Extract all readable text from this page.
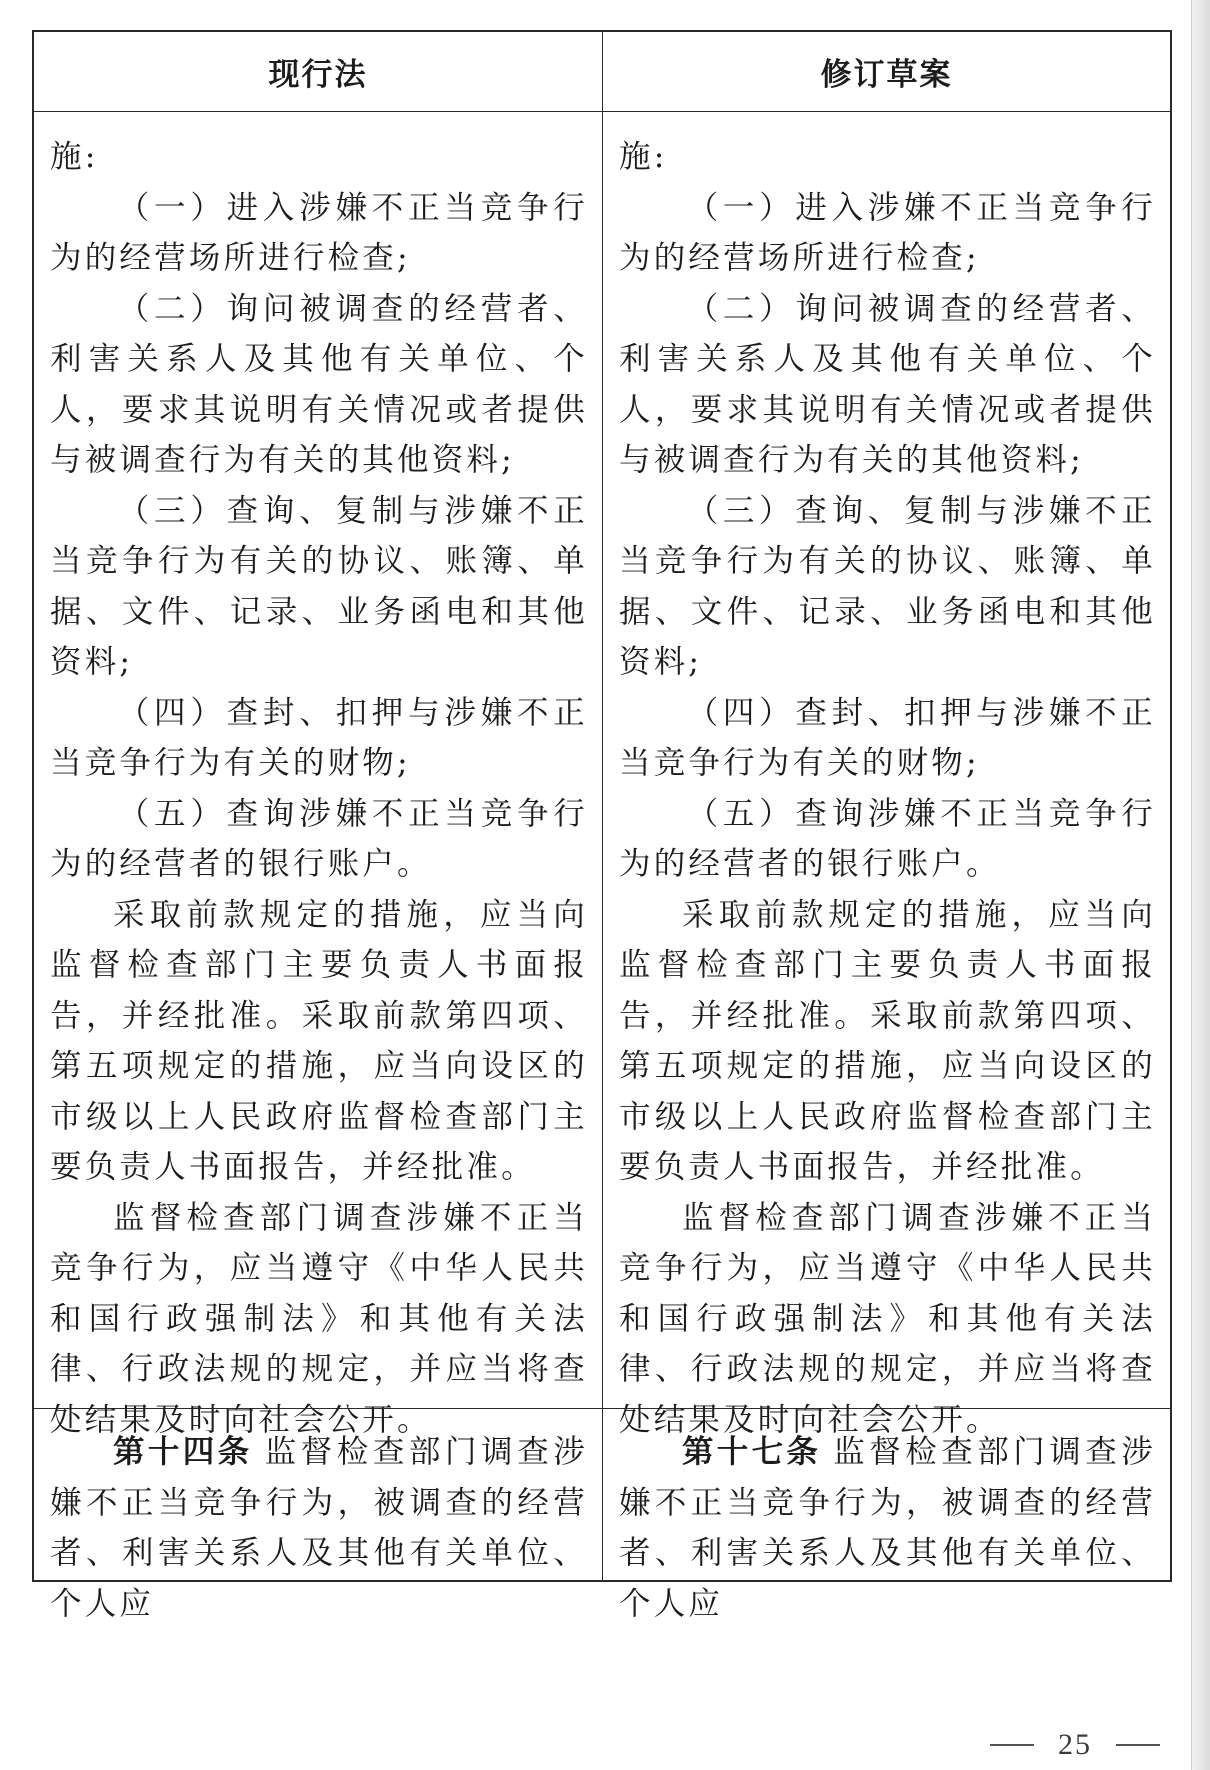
现行法	修订草案

施:

（一）进入涉嫌不正当竞争行为的经营场所进行检查;

（二）询问被调查的经营者、利害关系人及其他有关单位、个人，要求其说明有关情况或者提供与被调查行为有关的其他资料;

（三）查询、复制与涉嫌不正当竞争行为有关的协议、账簿、单据、文件、记录、业务函电和其他资料;

（四）查封、扣押与涉嫌不正当竞争行为有关的财物;

（五）查询涉嫌不正当竞争行为的经营者的银行账户。

采取前款规定的措施，应当向监督检查部门主要负责人书面报告，并经批准。采取前款第四项、第五项规定的措施，应当向设区的市级以上人民政府监督检查部门主要负责人书面报告，并经批准。

监督检查部门调查涉嫌不正当竞争行为，应当遵守《中华人民共和国行政强制法》和其他有关法律、行政法规的规定，并应当将查处结果及时向社会公开。

施:

（一）进入涉嫌不正当竞争行为的经营场所进行检查;

（二）询问被调查的经营者、利害关系人及其他有关单位、个人，要求其说明有关情况或者提供与被调查行为有关的其他资料;

（三）查询、复制与涉嫌不正当竞争行为有关的协议、账簿、单据、文件、记录、业务函电和其他资料;

（四）查封、扣押与涉嫌不正当竞争行为有关的财物;

（五）查询涉嫌不正当竞争行为的经营者的银行账户。

采取前款规定的措施，应当向监督检查部门主要负责人书面报告，并经批准。采取前款第四项、第五项规定的措施，应当向设区的市级以上人民政府监督检查部门主要负责人书面报告，并经批准。

监督检查部门调查涉嫌不正当竞争行为，应当遵守《中华人民共和国行政强制法》和其他有关法律、行政法规的规定，并应当将查处结果及时向社会公开。

第十四条 监督检查部门调查涉嫌不正当竞争行为，被调查的经营者、利害关系人及其他有关单位、个人应

第十七条 监督检查部门调查涉嫌不正当竞争行为，被调查的经营者、利害关系人及其他有关单位、个人应

25
